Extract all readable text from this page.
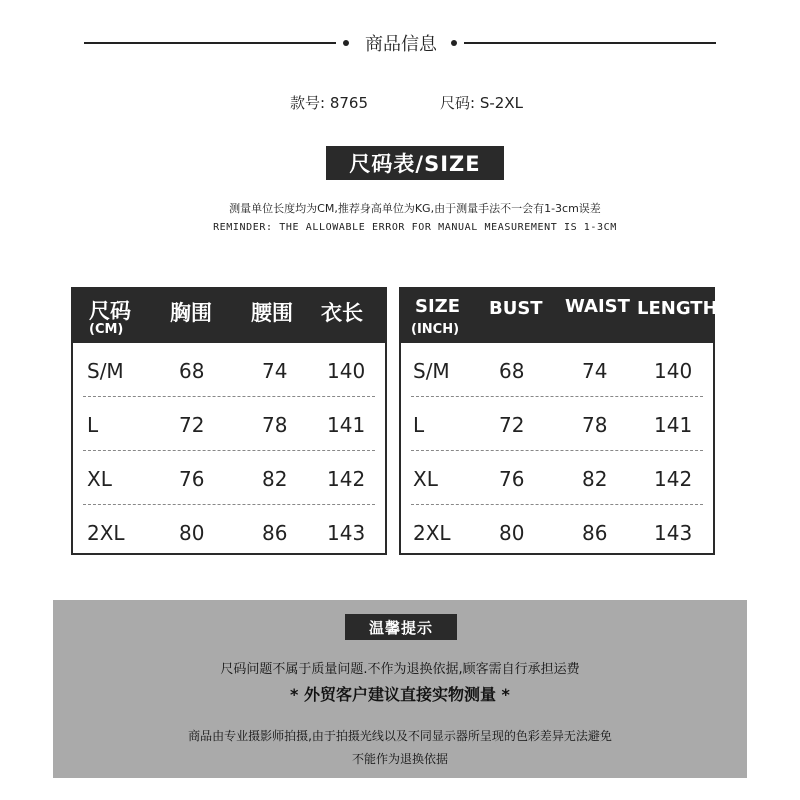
商品信息
款号: 8765	尺码: S-2XL
尺码表/SIZE
测量单位长度均为CM,推荐身高单位为KG,由于测量手法不一会有1-3cm误差
REMINDER: THE ALLOWABLE ERROR FOR MANUAL MEASUREMENT IS 1-3CM
尺码
(CM)
胸围 腰围 衣长
S/M	68	74 140
L	72	78 141
XL	76	82 142
2XL	80	86 143
SIZE
(INCH)
BUST WAIST LENGTH
S/M 68	74 140
L	72	78 141
XL	76	82 142
2XL 80	86 143
温馨提示
尺码问题不属于质量问题.不作为退换依据,顾客需自行承担运费
* 外贸客户建议直接实物测量 *
商品由专业摄影师拍摄,由于拍摄光线以及不同显示器所呈现的色彩差异无法避免
不能作为退换依据
